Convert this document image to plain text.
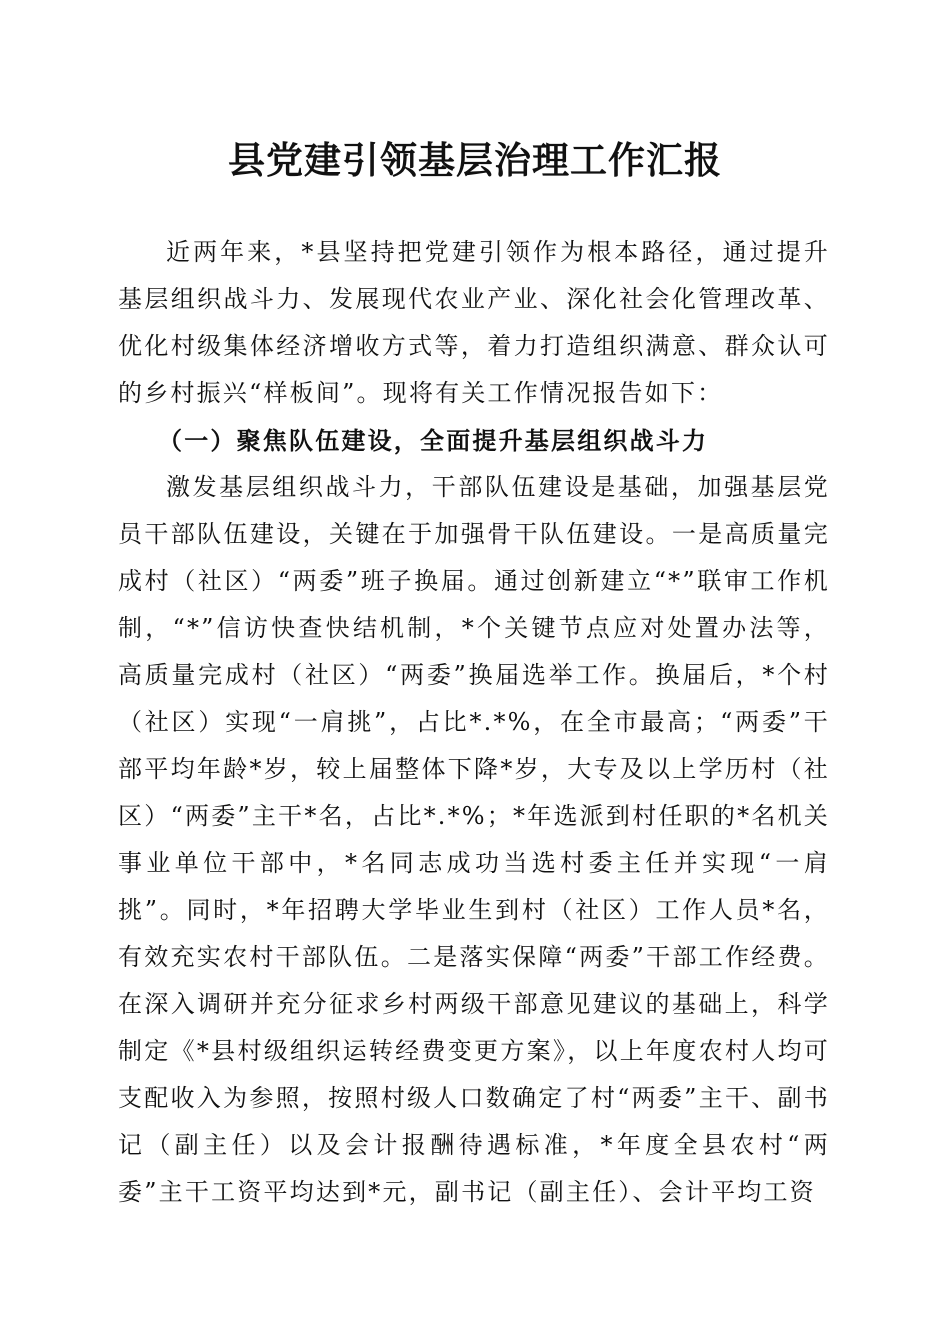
县党建引领基层治理工作汇报

近两年来，*县坚持把党建引领作为根本路径，通过提升基层组织战斗力、发展现代农业产业、深化社会化管理改革、优化村级集体经济增收方式等，着力打造组织满意、群众认可的乡村振兴“样板间”。现将有关工作情况报告如下：

（一）聚焦队伍建设，全面提升基层组织战斗力

激发基层组织战斗力，干部队伍建设是基础，加强基层党员干部队伍建设，关键在于加强骨干队伍建设。一是高质量完成村（社区）“两委”班子换届。通过创新建立“*”联审工作机制，“*”信访快查快结机制，*个关键节点应对处置办法等，高质量完成村（社区）“两委”换届选举工作。换届后，*个村（社区）实现“一肩挑”，占比*.*%，在全市最高；“两委”干部平均年龄*岁，较上届整体下降*岁，大专及以上学历村（社区）“两委”主干*名，占比*.*%；*年选派到村任职的*名机关事业单位干部中，*名同志成功当选村委主任并实现“一肩挑”。同时，*年招聘大学毕业生到村（社区）工作人员*名，有效充实农村干部队伍。二是落实保障“两委”干部工作经费。在深入调研并充分征求乡村两级干部意见建议的基础上，科学制定《*县村级组织运转经费变更方案》，以上年度农村人均可支配收入为参照，按照村级人口数确定了村“两委”主干、副书记（副主任）以及会计报酬待遇标准，*年度全县农村“两委”主干工资平均达到*元，副书记（副主任）、会计平均工资
